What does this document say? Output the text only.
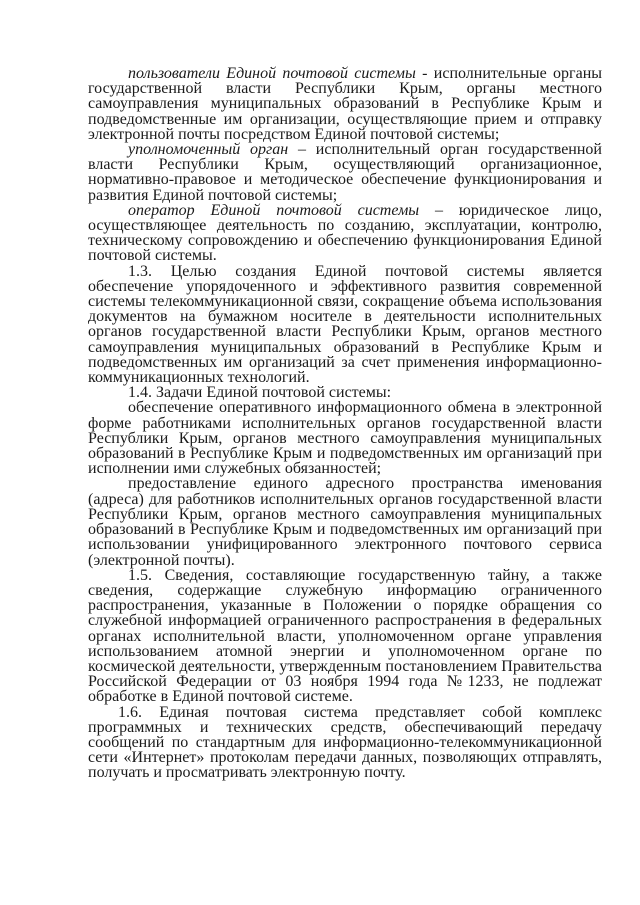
пользователи Единой почтовой системы - исполнительные органы государственной власти Республики Крым, органы местного самоуправления муниципальных образований в Республике Крым и подведомственные им организации, осуществляющие прием и отправку электронной почты посредством Единой почтовой системы;

уполномоченный орган – исполнительный орган государственной власти Республики Крым, осуществляющий организационное, нормативно-правовое и методическое обеспечение функционирования и развития Единой почтовой системы;

оператор Единой почтовой системы – юридическое лицо, осуществляющее деятельность по созданию, эксплуатации, контролю, техническому сопровождению и обеспечению функционирования Единой почтовой системы.

1.3. Целью создания Единой почтовой системы является обеспечение упорядоченного и эффективного развития современной системы телекоммуникационной связи, сокращение объема использования документов на бумажном носителе в деятельности исполнительных органов государственной власти Республики Крым, органов местного самоуправления муниципальных образований в Республике Крым и подведомственных им организаций за счет применения информационно-коммуникационных технологий.

1.4. Задачи Единой почтовой системы:

обеспечение оперативного информационного обмена в электронной форме работниками исполнительных органов государственной власти Республики Крым, органов местного самоуправления муниципальных образований в Республике Крым и подведомственных им организаций при исполнении ими служебных обязанностей;

предоставление единого адресного пространства именования (адреса) для работников исполнительных органов государственной власти Республики Крым, органов местного самоуправления муниципальных образований в Республике Крым и подведомственных им организаций при использовании унифицированного электронного почтового сервиса (электронной почты).

1.5. Сведения, составляющие государственную тайну, а также сведения, содержащие служебную информацию ограниченного распространения, указанные в Положении о порядке обращения со служебной информацией ограниченного распространения в федеральных органах исполнительной власти, уполномоченном органе управления использованием атомной энергии и уполномоченном органе по космической деятельности, утвержденным постановлением Правительства Российской Федерации от 03 ноября 1994 года №1233, не подлежат обработке в Единой почтовой системе.

1.6. Единая почтовая система представляет собой комплекс программных и технических средств, обеспечивающий передачу сообщений по стандартным для информационно-телекоммуникационной сети «Интернет» протоколам передачи данных, позволяющих отправлять, получать и просматривать электронную почту.
